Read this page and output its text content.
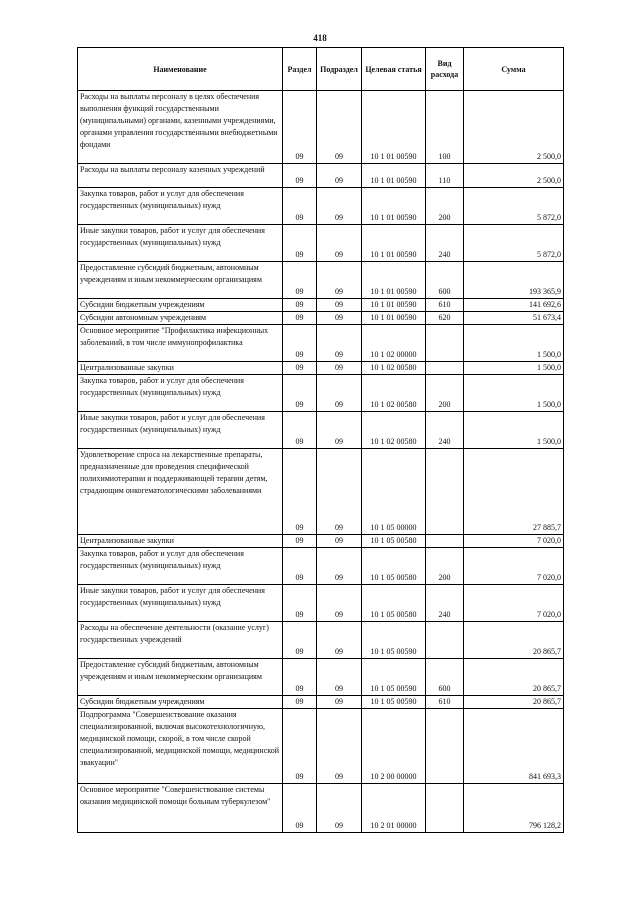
418
Наименование	Раздел	Подраздел	Целевая статья	Вид расхода	Сумма
Расходы на выплаты персоналу в целях обеспечения выполнения функций государственными (муниципальными) органами, казенными учреждениями, органами управления государственными внебюджетными фондами	09	09	10 1 01 00590	100	2 500,0
Расходы на выплаты персоналу казенных учреждений	09	09	10 1 01 00590	110	2 500,0
Закупка товаров, работ и услуг для обеспечения государственных (муниципальных) нужд	09	09	10 1 01 00590	200	5 872,0
Иные закупки товаров, работ и услуг для обеспечения государственных (муниципальных) нужд	09	09	10 1 01 00590	240	5 872,0
Предоставление субсидий бюджетным, автономным учреждениям и иным некоммерческим организациям	09	09	10 1 01 00590	600	193 365,9
Субсидии бюджетным учреждениям	09	09	10 1 01 00590	610	141 692,6
Субсидии автономным учреждениям	09	09	10 1 01 00590	620	51 673,4
Основное мероприятие "Профилактика инфекционных заболеваний, в том числе иммунопрофилактика	09	09	10 1 02 00000		1 500,0
Централизованные закупки	09	09	10 1 02 00580		1 500,0
Закупка товаров, работ и услуг для обеспечения государственных (муниципальных) нужд	09	09	10 1 02 00580	200	1 500,0
Иные закупки товаров, работ и услуг для обеспечения государственных (муниципальных) нужд	09	09	10 1 02 00580	240	1 500,0
Удовлетворение спроса на лекарственные препараты, предназначенные для проведения специфической полихимиотерапии и поддерживающей терапии детям, страдающим онкогематологическими заболеваниями	09	09	10 1 05 00000		27 885,7
Централизованные закупки	09	09	10 1 05 00580		7 020,0
Закупка товаров, работ и услуг для обеспечения государственных (муниципальных) нужд	09	09	10 1 05 00580	200	7 020,0
Иные закупки товаров, работ и услуг для обеспечения государственных (муниципальных) нужд	09	09	10 1 05 00580	240	7 020,0
Расходы на обеспечение деятельности (оказание услуг) государственных учреждений	09	09	10 1 05 00590		20 865,7
Предоставление субсидий бюджетным, автономным учреждениям и иным некоммерческим организациям	09	09	10 1 05 00590	600	20 865,7
Субсидии бюджетным учреждениям	09	09	10 1 05 00590	610	20 865,7
Подпрограмма "Совершенствование оказания специализированной, включая высокотехнологичную, медицинской помощи, скорой, в том числе скорой специализированной, медицинской помощи, медицинской эвакуации"	09	09	10 2 00 00000		841 693,3
Основное мероприятие "Совершенствование системы оказания медицинской помощи больным туберкулезом"	09	09	10 2 01 00000		796 128,2
